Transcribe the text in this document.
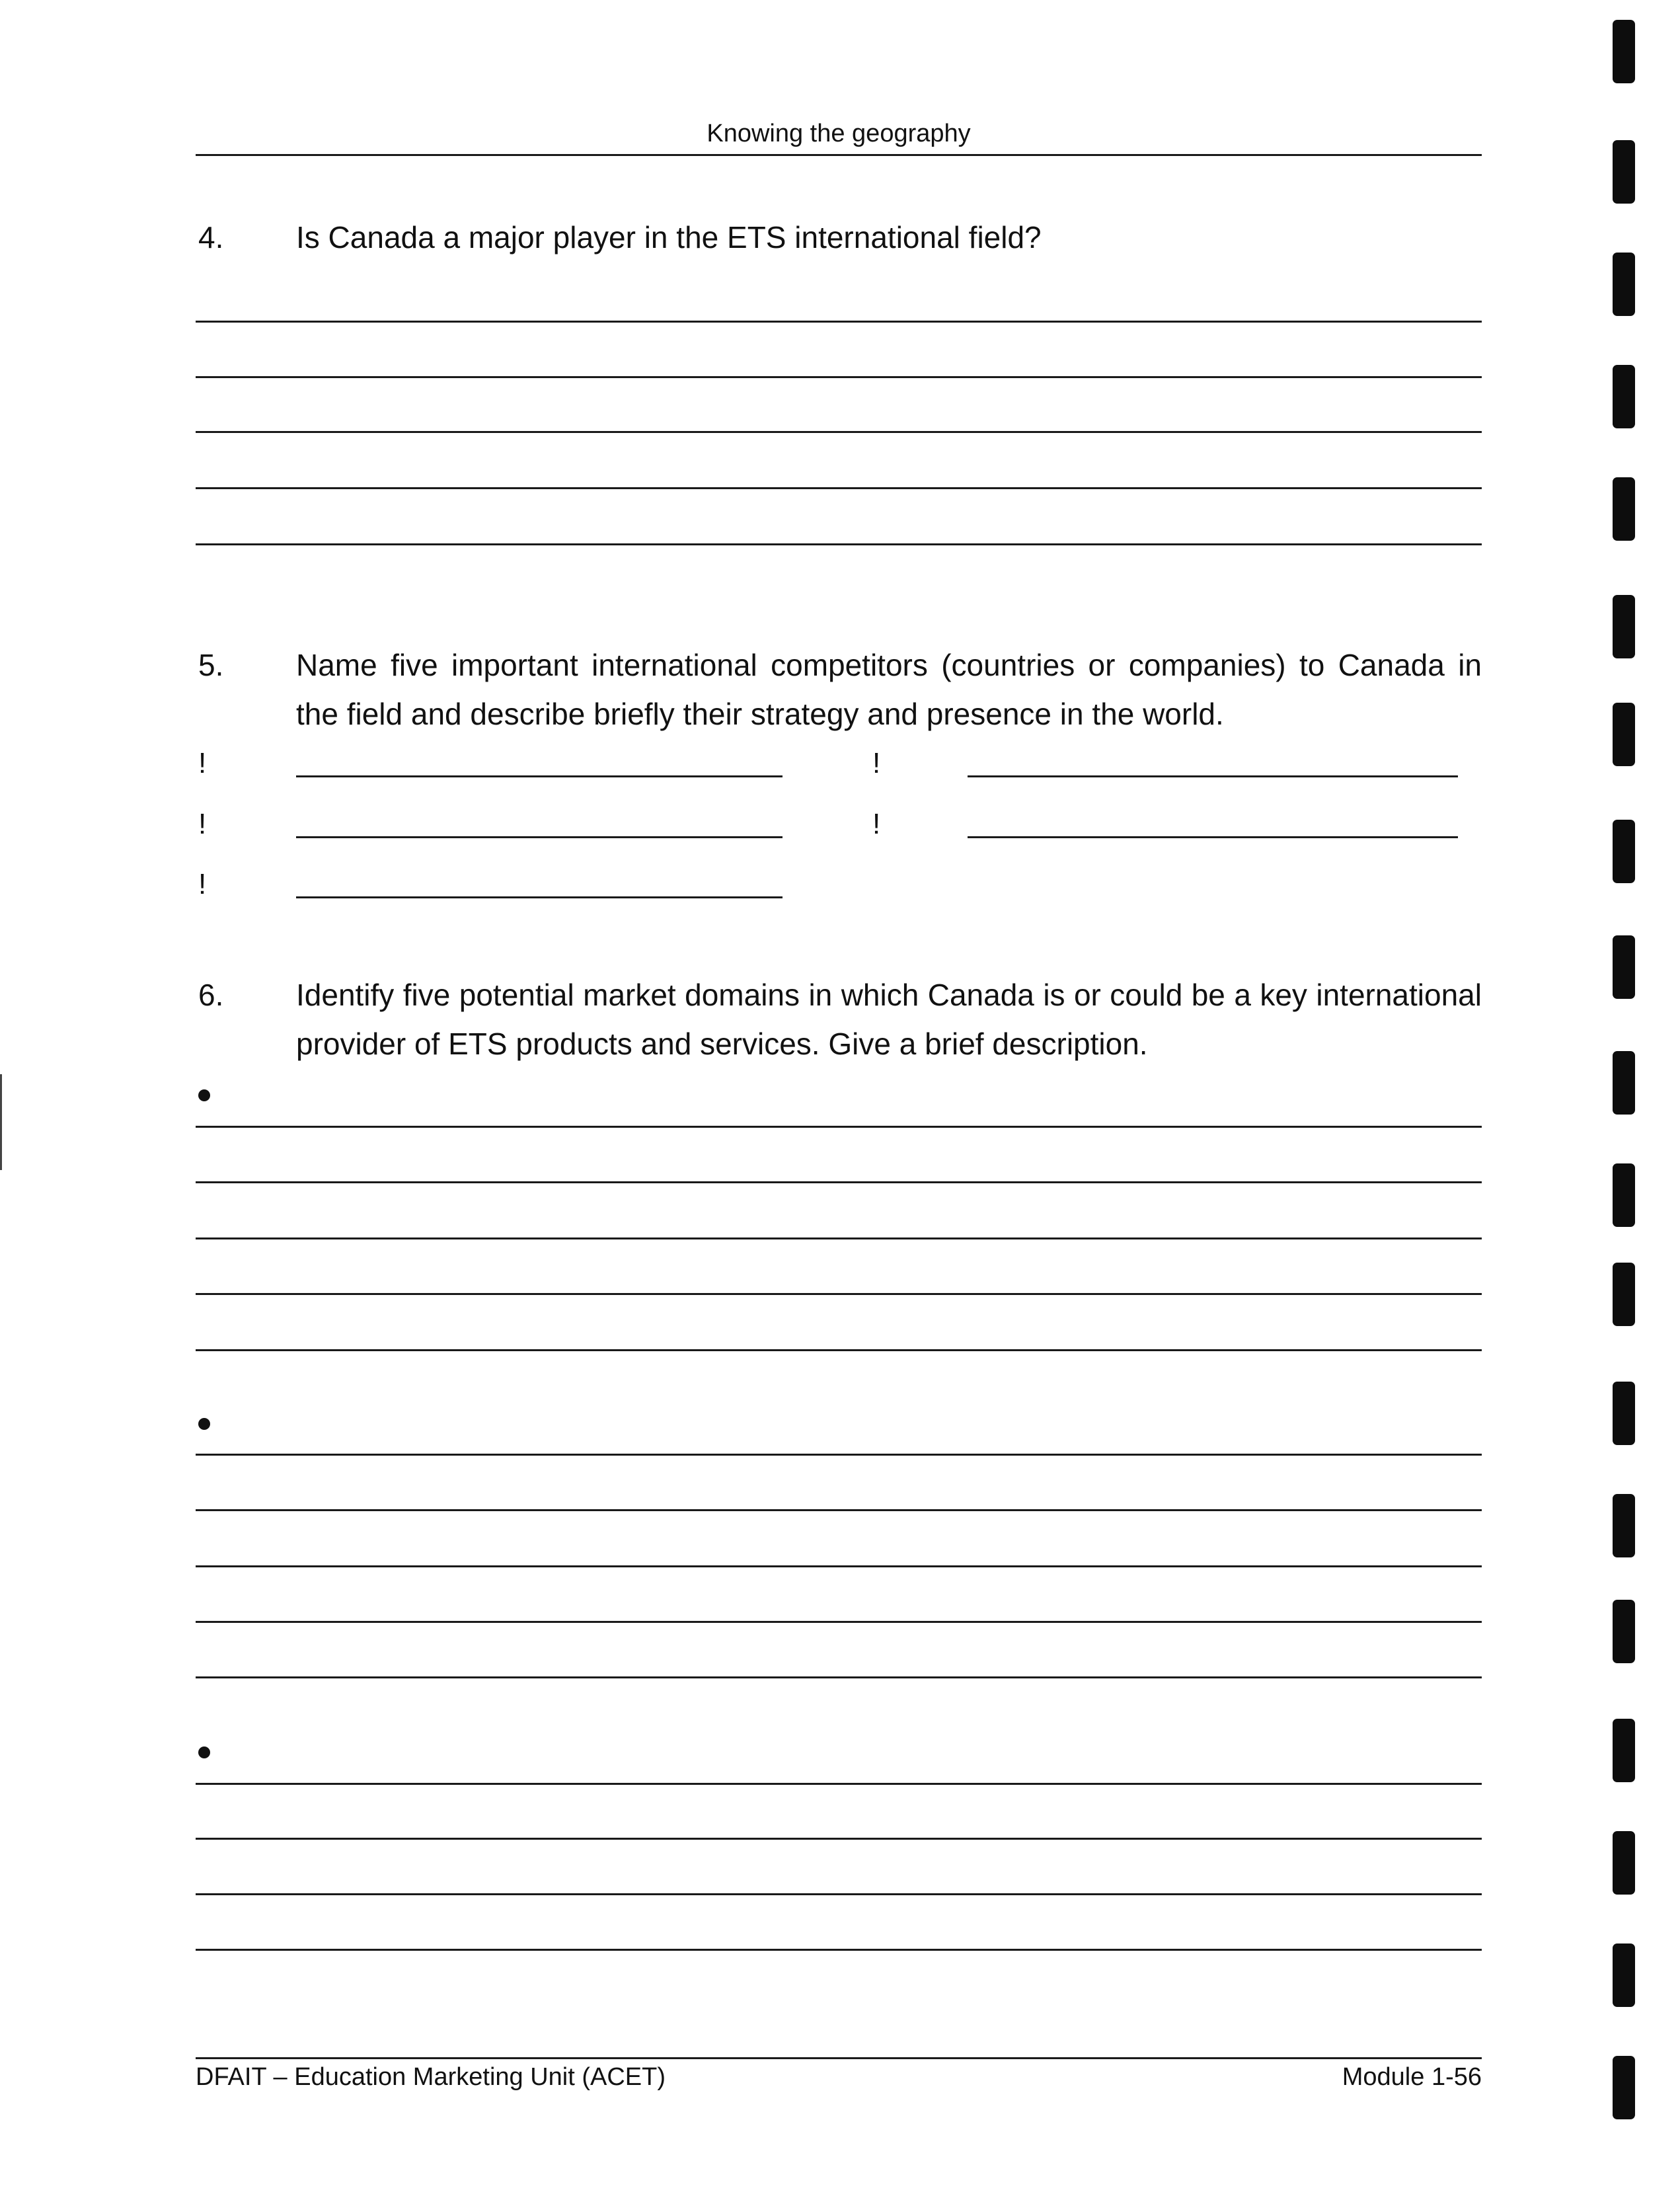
Knowing the geography
4. Is Canada a major player in the ETS international field?
5. Name five important international competitors (countries or companies) to Canada in the field and describe briefly their strategy and presence in the world.
!	!
!	!
!
6. Identify five potential market domains in which Canada is or could be a key international provider of ETS products and services. Give a brief description.
DFAIT – Education Marketing Unit (ACET)	Module 1-56
